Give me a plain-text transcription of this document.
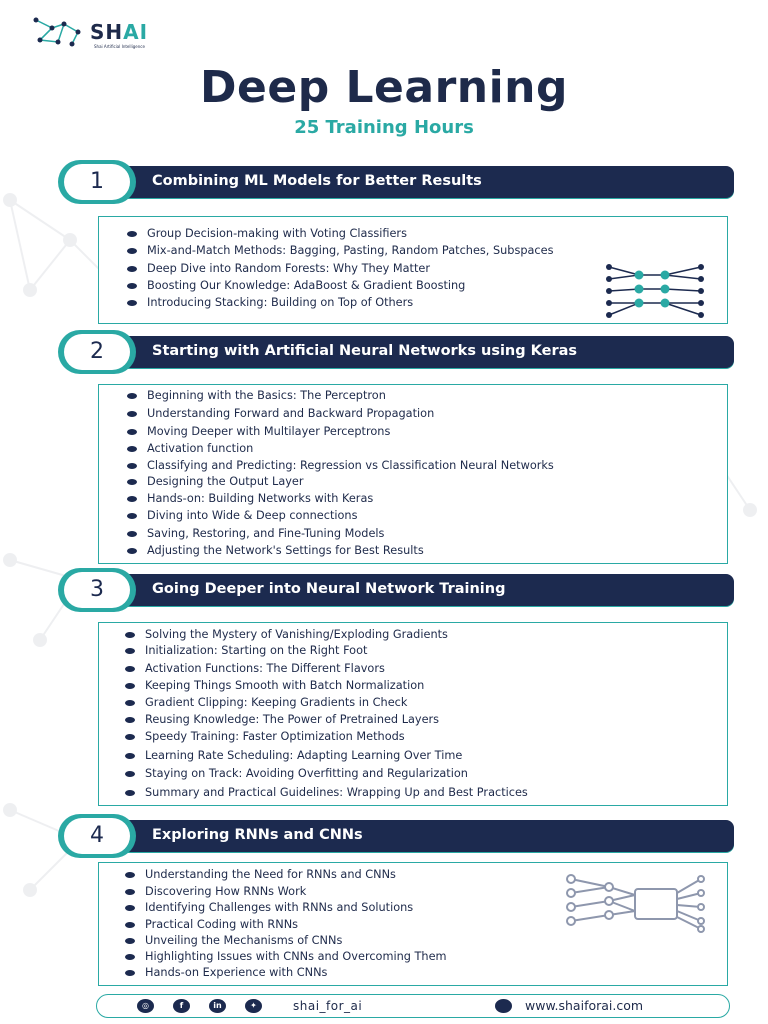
SHAI
Shai Artificial Intelligence
Deep Learning
25 Training Hours
1	Combining ML Models for Better Results
Group Decision-making with Voting Classifiers
Mix-and-Match Methods: Bagging, Pasting, Random Patches, Subspaces
Deep Dive into Random Forests: Why They Matter
Boosting Our Knowledge: AdaBoost & Gradient Boosting
Introducing Stacking: Building on Top of Others
2	Starting with Artificial Neural Networks using Keras
Beginning with the Basics: The Perceptron
Understanding Forward and Backward Propagation
Moving Deeper with Multilayer Perceptrons
Activation function
Classifying and Predicting: Regression vs Classification Neural Networks
Designing the Output Layer
Hands-on: Building Networks with Keras
Diving into Wide & Deep connections
Saving, Restoring, and Fine-Tuning Models
Adjusting the Network's Settings for Best Results
3	Going Deeper into Neural Network Training
Solving the Mystery of Vanishing/Exploding Gradients
Initialization: Starting on the Right Foot
Activation Functions: The Different Flavors
Keeping Things Smooth with Batch Normalization
Gradient Clipping: Keeping Gradients in Check
Reusing Knowledge: The Power of Pretrained Layers
Speedy Training: Faster Optimization Methods
Learning Rate Scheduling: Adapting Learning Over Time
Staying on Track: Avoiding Overfitting and Regularization
Summary and Practical Guidelines: Wrapping Up and Best Practices
4	Exploring RNNs and CNNs
Understanding the Need for RNNs and CNNs
Discovering How RNNs Work
Identifying Challenges with RNNs and Solutions
Practical Coding with RNNs
Unveiling the Mechanisms of CNNs
Highlighting Issues with CNNs and Overcoming Them
Hands-on Experience with CNNs
◎	f	in	✦	shai_for_ai	www.shaiforai.com
